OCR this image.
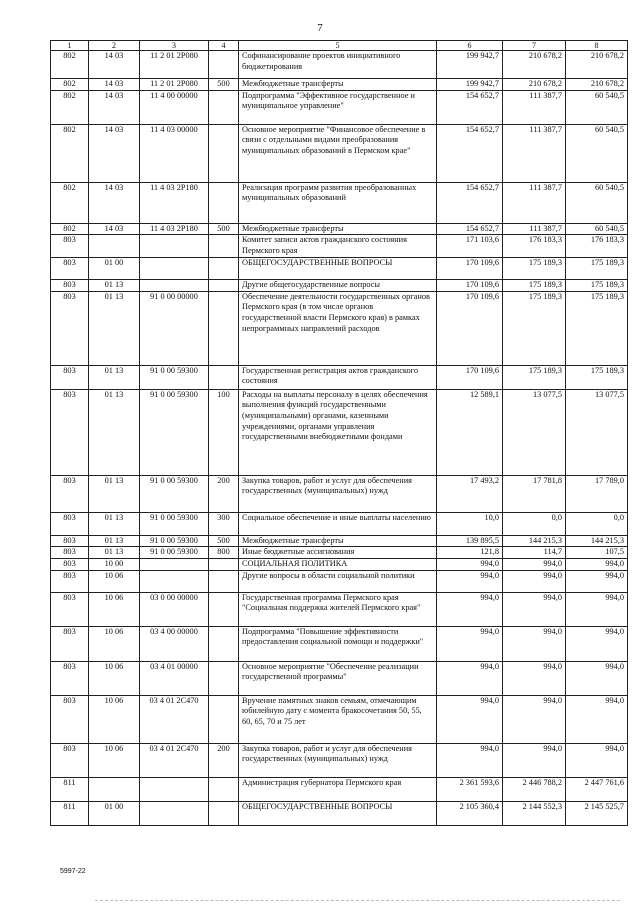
7
1	2	3	4	5	6	7	8
802	14 03	11 2 01 2Р080		Софинансирование проектов инициативного бюджетирования	199 942,7	210 678,2	210 678,2
802	14 03	11 2 01 2Р080	500	Межбюджетные трансферты	199 942,7	210 678,2	210 678,2
802	14 03	11 4 00 00000		Подпрограмма "Эффективное государственное и муниципальное управление"	154 652,7	111 387,7	60 540,5
802	14 03	11 4 03 00000		Основное мероприятие "Финансовое обеспечение в связи с отдельными видами преобразования муниципальных образований в Пермском крае"	154 652,7	111 387,7	60 540,5
802	14 03	11 4 03 2Р180		Реализация программ развития преобразованных муниципальных образований	154 652,7	111 387,7	60 540,5
802	14 03	11 4 03 2Р180	500	Межбюджетные трансферты	154 652,7	111 387,7	60 540,5
803				Комитет записи актов гражданского состояния Пермского края	171 103,6	176 183,3	176 183,3
803	01 00			ОБЩЕГОСУДАРСТВЕННЫЕ ВОПРОСЫ	170 109,6	175 189,3	175 189,3
803	01 13			Другие общегосударственные вопросы	170 109,6	175 189,3	175 189,3
803	01 13	91 0 00 00000		Обеспечение деятельности государственных органов Пермского края (в том числе органов государственной власти Пермского края) в рамках непрограммных направлений расходов	170 109,6	175 189,3	175 189,3
803	01 13	91 0 00 59300		Государственная регистрация актов гражданского состояния	170 109,6	175 189,3	175 189,3
803	01 13	91 0 00 59300	100	Расходы на выплаты персоналу в целях обеспечения выполнения функций государственными (муниципальными) органами, казенными учреждениями, органами управления государственными внебюджетными фондами	12 589,1	13 077,5	13 077,5
803	01 13	91 0 00 59300	200	Закупка товаров, работ и услуг для обеспечения государственных (муниципальных) нужд	17 493,2	17 781,8	17 789,0
803	01 13	91 0 00 59300	300	Социальное обеспечение и иные выплаты населению	10,0	0,0	0,0
803	01 13	91 0 00 59300	500	Межбюджетные трансферты	139 895,5	144 215,3	144 215,3
803	01 13	91 0 00 59300	800	Иные бюджетные ассигнования	121,8	114,7	107,5
803	10 00			СОЦИАЛЬНАЯ ПОЛИТИКА	994,0	994,0	994,0
803	10 06			Другие вопросы в области социальной политики	994,0	994,0	994,0
803	10 06	03 0 00 00000		Государственная программа Пермского края "Социальная поддержка жителей Пермского края"	994,0	994,0	994,0
803	10 06	03 4 00 00000		Подпрограмма "Повышение эффективности предоставления социальной помощи и поддержки"	994,0	994,0	994,0
803	10 06	03 4 01 00000		Основное мероприятие "Обеспечение реализации государственной программы"	994,0	994,0	994,0
803	10 06	03 4 01 2С470		Вручение памятных знаков семьям, отмечающим юбилейную дату с момента бракосочетания 50, 55, 60, 65, 70 и 75 лет	994,0	994,0	994,0
803	10 06	03 4 01 2С470	200	Закупка товаров, работ и услуг для обеспечения государственных (муниципальных) нужд	994,0	994,0	994,0
811				Администрация губернатора Пермского края	2 361 593,6	2 446 788,2	2 447 761,6
811	01 00			ОБЩЕГОСУДАРСТВЕННЫЕ ВОПРОСЫ	2 105 360,4	2 144 552,3	2 145 525,7
5997-22
